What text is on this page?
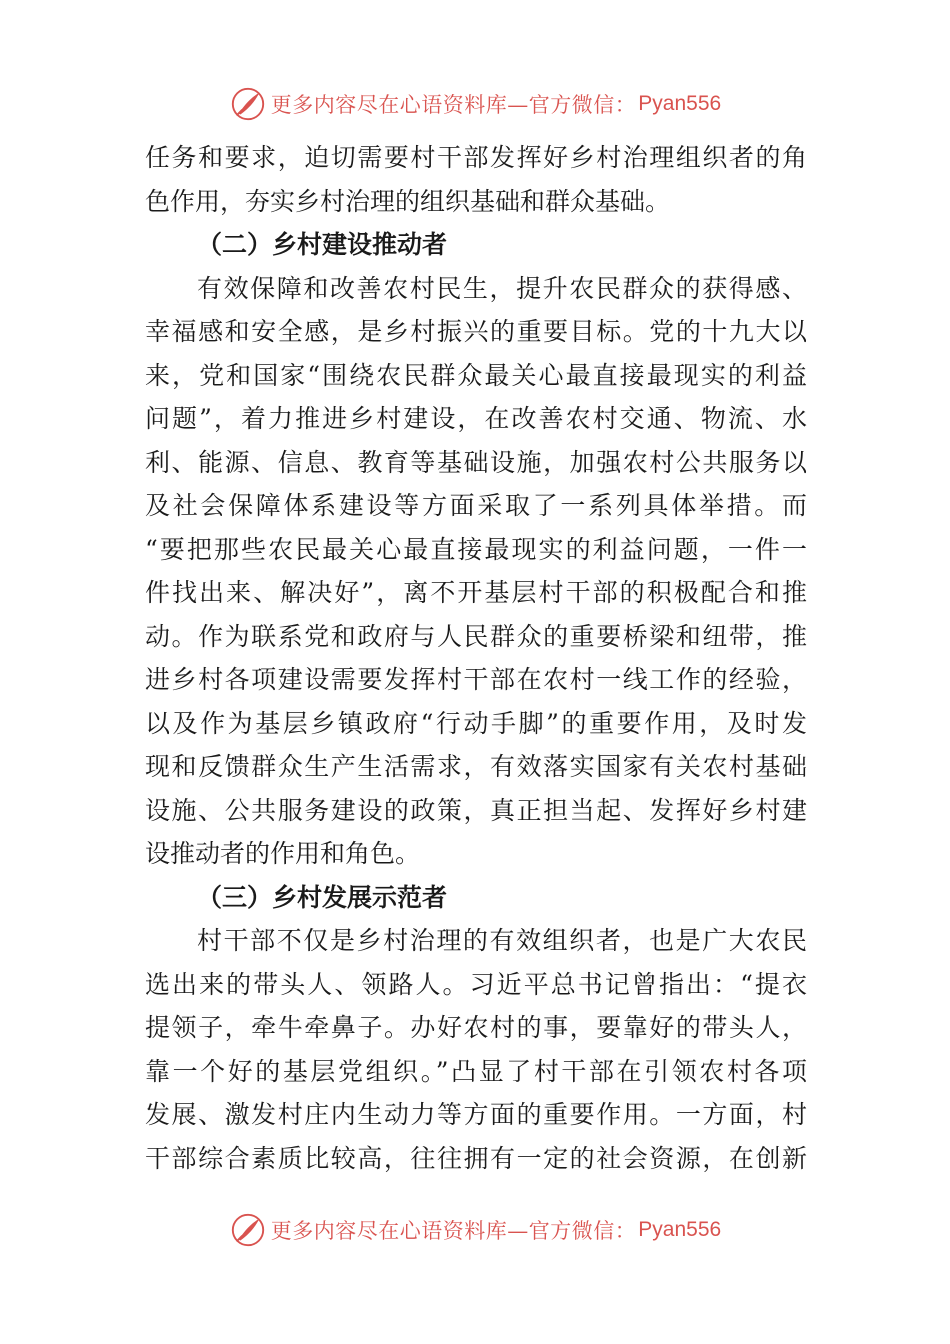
更多内容尽在心语资料库—官方微信： Pyan556
任务和要求，迫切需要村干部发挥好乡村治理组织者的角
色作用，夯实乡村治理的组织基础和群众基础。
（二）乡村建设推动者
有效保障和改善农村民生，提升农民群众的获得感、
幸福感和安全感，是乡村振兴的重要目标。党的十九大以
来，党和国家“围绕农民群众最关心最直接最现实的利益
问题”，着力推进乡村建设，在改善农村交通、物流、水
利、能源、信息、教育等基础设施，加强农村公共服务以
及社会保障体系建设等方面采取了一系列具体举措。而
“要把那些农民最关心最直接最现实的利益问题，一件一
件找出来、解决好”，离不开基层村干部的积极配合和推
动。作为联系党和政府与人民群众的重要桥梁和纽带，推
进乡村各项建设需要发挥村干部在农村一线工作的经验，
以及作为基层乡镇政府“行动手脚”的重要作用，及时发
现和反馈群众生产生活需求，有效落实国家有关农村基础
设施、公共服务建设的政策，真正担当起、发挥好乡村建
设推动者的作用和角色。
（三）乡村发展示范者
村干部不仅是乡村治理的有效组织者，也是广大农民
选出来的带头人、领路人。习近平总书记曾指出：“提衣
提领子，牵牛牵鼻子。办好农村的事，要靠好的带头人，
靠一个好的基层党组织。”凸显了村干部在引领农村各项
发展、激发村庄内生动力等方面的重要作用。一方面，村
干部综合素质比较高，往往拥有一定的社会资源，在创新
更多内容尽在心语资料库—官方微信： Pyan556
